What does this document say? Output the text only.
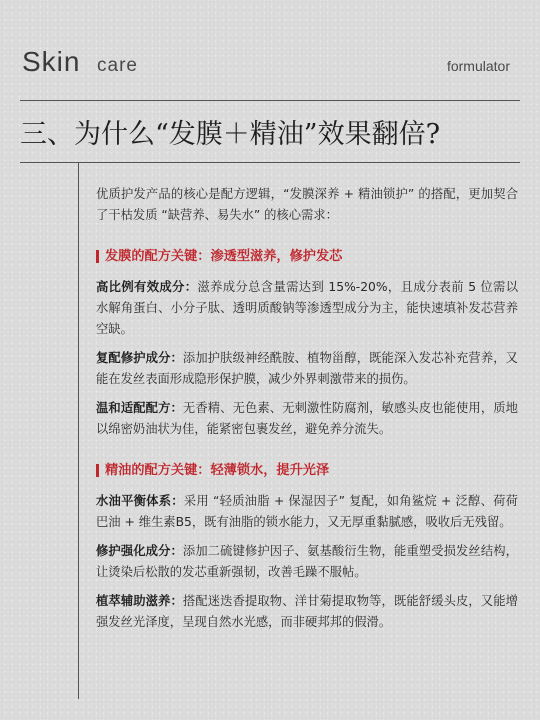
Skin care	formulator
三、为什么“发膜＋精油”效果翻倍?

优质护发产品的核心是配方逻辑，“发膜深养 + 精油锁护” 的搭配，更加契合了干枯发质 “缺营养、易失水” 的核心需求：

发膜的配方关键：渗透型滋养，修护发芯

高比例有效成分：滋养成分总含量需达到 15%-20%，且成分表前 5 位需以水解角蛋白、小分子肽、透明质酸钠等渗透型成分为主，能快速填补发芯营养空缺。

复配修护成分：添加护肤级神经酰胺、植物甾醇，既能深入发芯补充营养，又能在发丝表面形成隐形保护膜，减少外界刺激带来的损伤。

温和适配配方：无香精、无色素、无刺激性防腐剂，敏感头皮也能使用，质地以绵密奶油状为佳，能紧密包裹发丝，避免养分流失。

精油的配方关键：轻薄锁水，提升光泽

水油平衡体系：采用 “轻质油脂 + 保湿因子” 复配，如角鲨烷 + 泛醇、荷荷巴油 + 维生素B5，既有油脂的锁水能力，又无厚重黏腻感，吸收后无残留。

修护强化成分：添加二硫键修护因子、氨基酸衍生物，能重塑受损发丝结构，让烫染后松散的发芯重新强韧，改善毛躁不服帖。

植萃辅助滋养：搭配迷迭香提取物、洋甘菊提取物等，既能舒缓头皮，又能增强发丝光泽度，呈现自然水光感，而非硬邦邦的假滑。
